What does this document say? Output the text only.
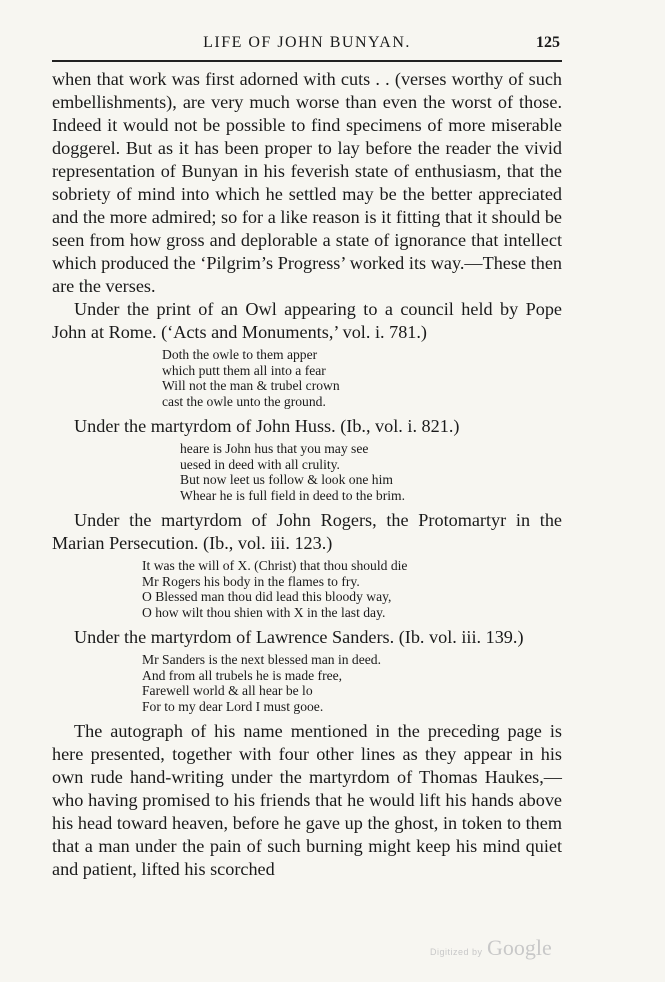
LIFE OF JOHN BUNYAN.	125

when that work was first adorned with cuts . . (verses worthy of such embellishments), are very much worse than even the worst of those. Indeed it would not be possible to find specimens of more miserable doggerel. But as it has been proper to lay before the reader the vivid representation of Bunyan in his feverish state of enthusiasm, that the sobriety of mind into which he settled may be the better appreciated and the more admired; so for a like reason is it fitting that it should be seen from how gross and deplorable a state of ignorance that intellect which produced the ‘Pilgrim’s Progress’ worked its way.—These then are the verses.

Under the print of an Owl appearing to a council held by Pope John at Rome. (‘Acts and Monuments,’ vol. i. 781.)

Doth the owle to them apper
which putt them all into a fear
Will not the man & trubel crown
cast the owle unto the ground.

Under the martyrdom of John Huss. (Ib., vol. i. 821.)

heare is John hus that you may see
uesed in deed with all crulity.
But now leet us follow & look one him
Whear he is full field in deed to the brim.

Under the martyrdom of John Rogers, the Protomartyr in the Marian Persecution. (Ib., vol. iii. 123.)

It was the will of X. (Christ) that thou should die
Mr Rogers his body in the flames to fry.
O Blessed man thou did lead this bloody way,
O how wilt thou shien with X in the last day.

Under the martyrdom of Lawrence Sanders. (Ib. vol. iii. 139.)

Mr Sanders is the next blessed man in deed.
And from all trubels he is made free,
Farewell world & all hear be lo
For to my dear Lord I must gooe.

The autograph of his name mentioned in the preceding page is here presented, together with four other lines as they appear in his own rude hand-writing under the martyrdom of Thomas Haukes,—who having promised to his friends that he would lift his hands above his head toward heaven, before he gave up the ghost, in token to them that a man under the pain of such burning might keep his mind quiet and patient, lifted his scorched

Digitized by Google
